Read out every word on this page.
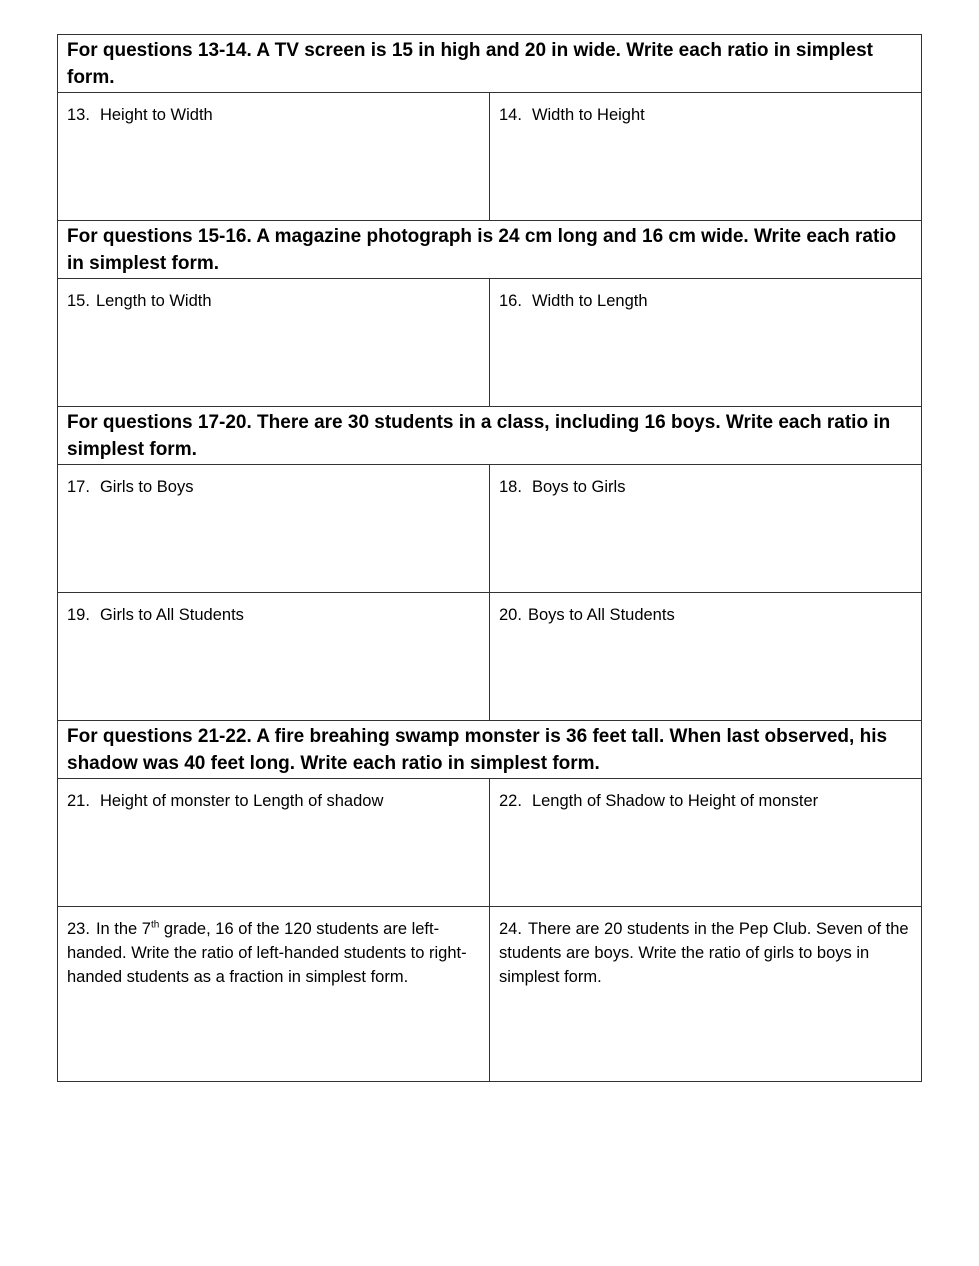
For questions 13-14. A TV screen is 15 in high and 20 in wide. Write each ratio in simplest form.	
13. Height to Width	14. Width to Height
For questions 15-16. A magazine photograph is 24 cm long and 16 cm wide. Write each ratio in simplest form.	
15. Length to Width	16. Width to Length
For questions 17-20. There are 30 students in a class, including 16 boys. Write each ratio in simplest form.	
17. Girls to Boys	18. Boys to Girls
19. Girls to All Students	20. Boys to All Students
For questions 21-22. A fire breahing swamp monster is 36 feet tall. When last observed, his shadow was 40 feet long. Write each ratio in simplest form.	
21. Height of monster to Length of shadow	22. Length of Shadow to Height of monster
23. In the 7th grade, 16 of the 120 students are left-handed. Write the ratio of left-handed students to right-handed students as a fraction in simplest form.	24. There are 20 students in the Pep Club. Seven of the students are boys. Write the ratio of girls to boys in simplest form.
